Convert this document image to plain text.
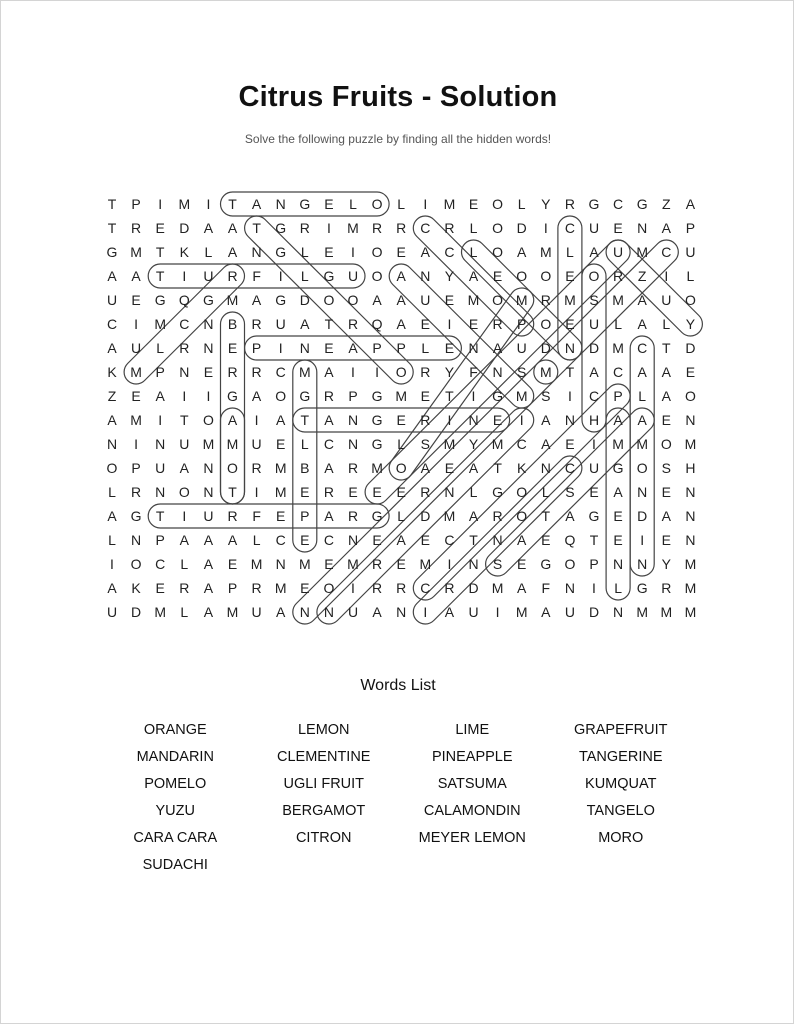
Citrus Fruits - Solution
Solve the following puzzle by finding all the hidden words!
T P I M I T A N G E L O L I M E O L Y R G C G Z A
T R E D A A T G R I M R R C R L O D I C U E N A P
G M T K L A N G L E I O E A C L O A M L A U M C U
A A T I U R F I L G U O A N Y A E O O E O R Z I L
U E G Q G M A G D O O A A U E M O M R M S M A U O
C I M C N B R U A T R Q A E I E R P O E U L A L Y
A U L R N E P I N E A P P L E N A U D N D M C T D
K M P N E R R C M A I I O R Y F N S M T A C A A E
Z E A I I G A O G R P G M E T I G M S I C P L A O
A M I T O A I A T A N G E R I N E I A N H A A E N
N I N U M M U E L C N G L S M Y M C A E I M M O M
O P U A N O R M B A R M O A E A T K N C U G O S H
L R N O N T I M E R E E E R N L G O L S E A N E N
A G T I U R F E P A R G L D M A R O T A G E D A N
L N P A A A L C E C N E A E C T N A E Q T E I E N
I O C L A E M N M E M R E M I N S E G O P N N Y M
A K E R A P R M E O I R R C R D M A F N I L G R M
U D M L A M U A N N U A N I A U I M A U D N M M M
Words List
ORANGE	LEMON	LIME	GRAPEFRUIT
MANDARIN	CLEMENTINE	PINEAPPLE	TANGERINE
POMELO	UGLI FRUIT	SATSUMA	KUMQUAT
YUZU	BERGAMOT	CALAMONDIN	TANGELO
CARA CARA	CITRON	MEYER LEMON	MORO
SUDACHI
